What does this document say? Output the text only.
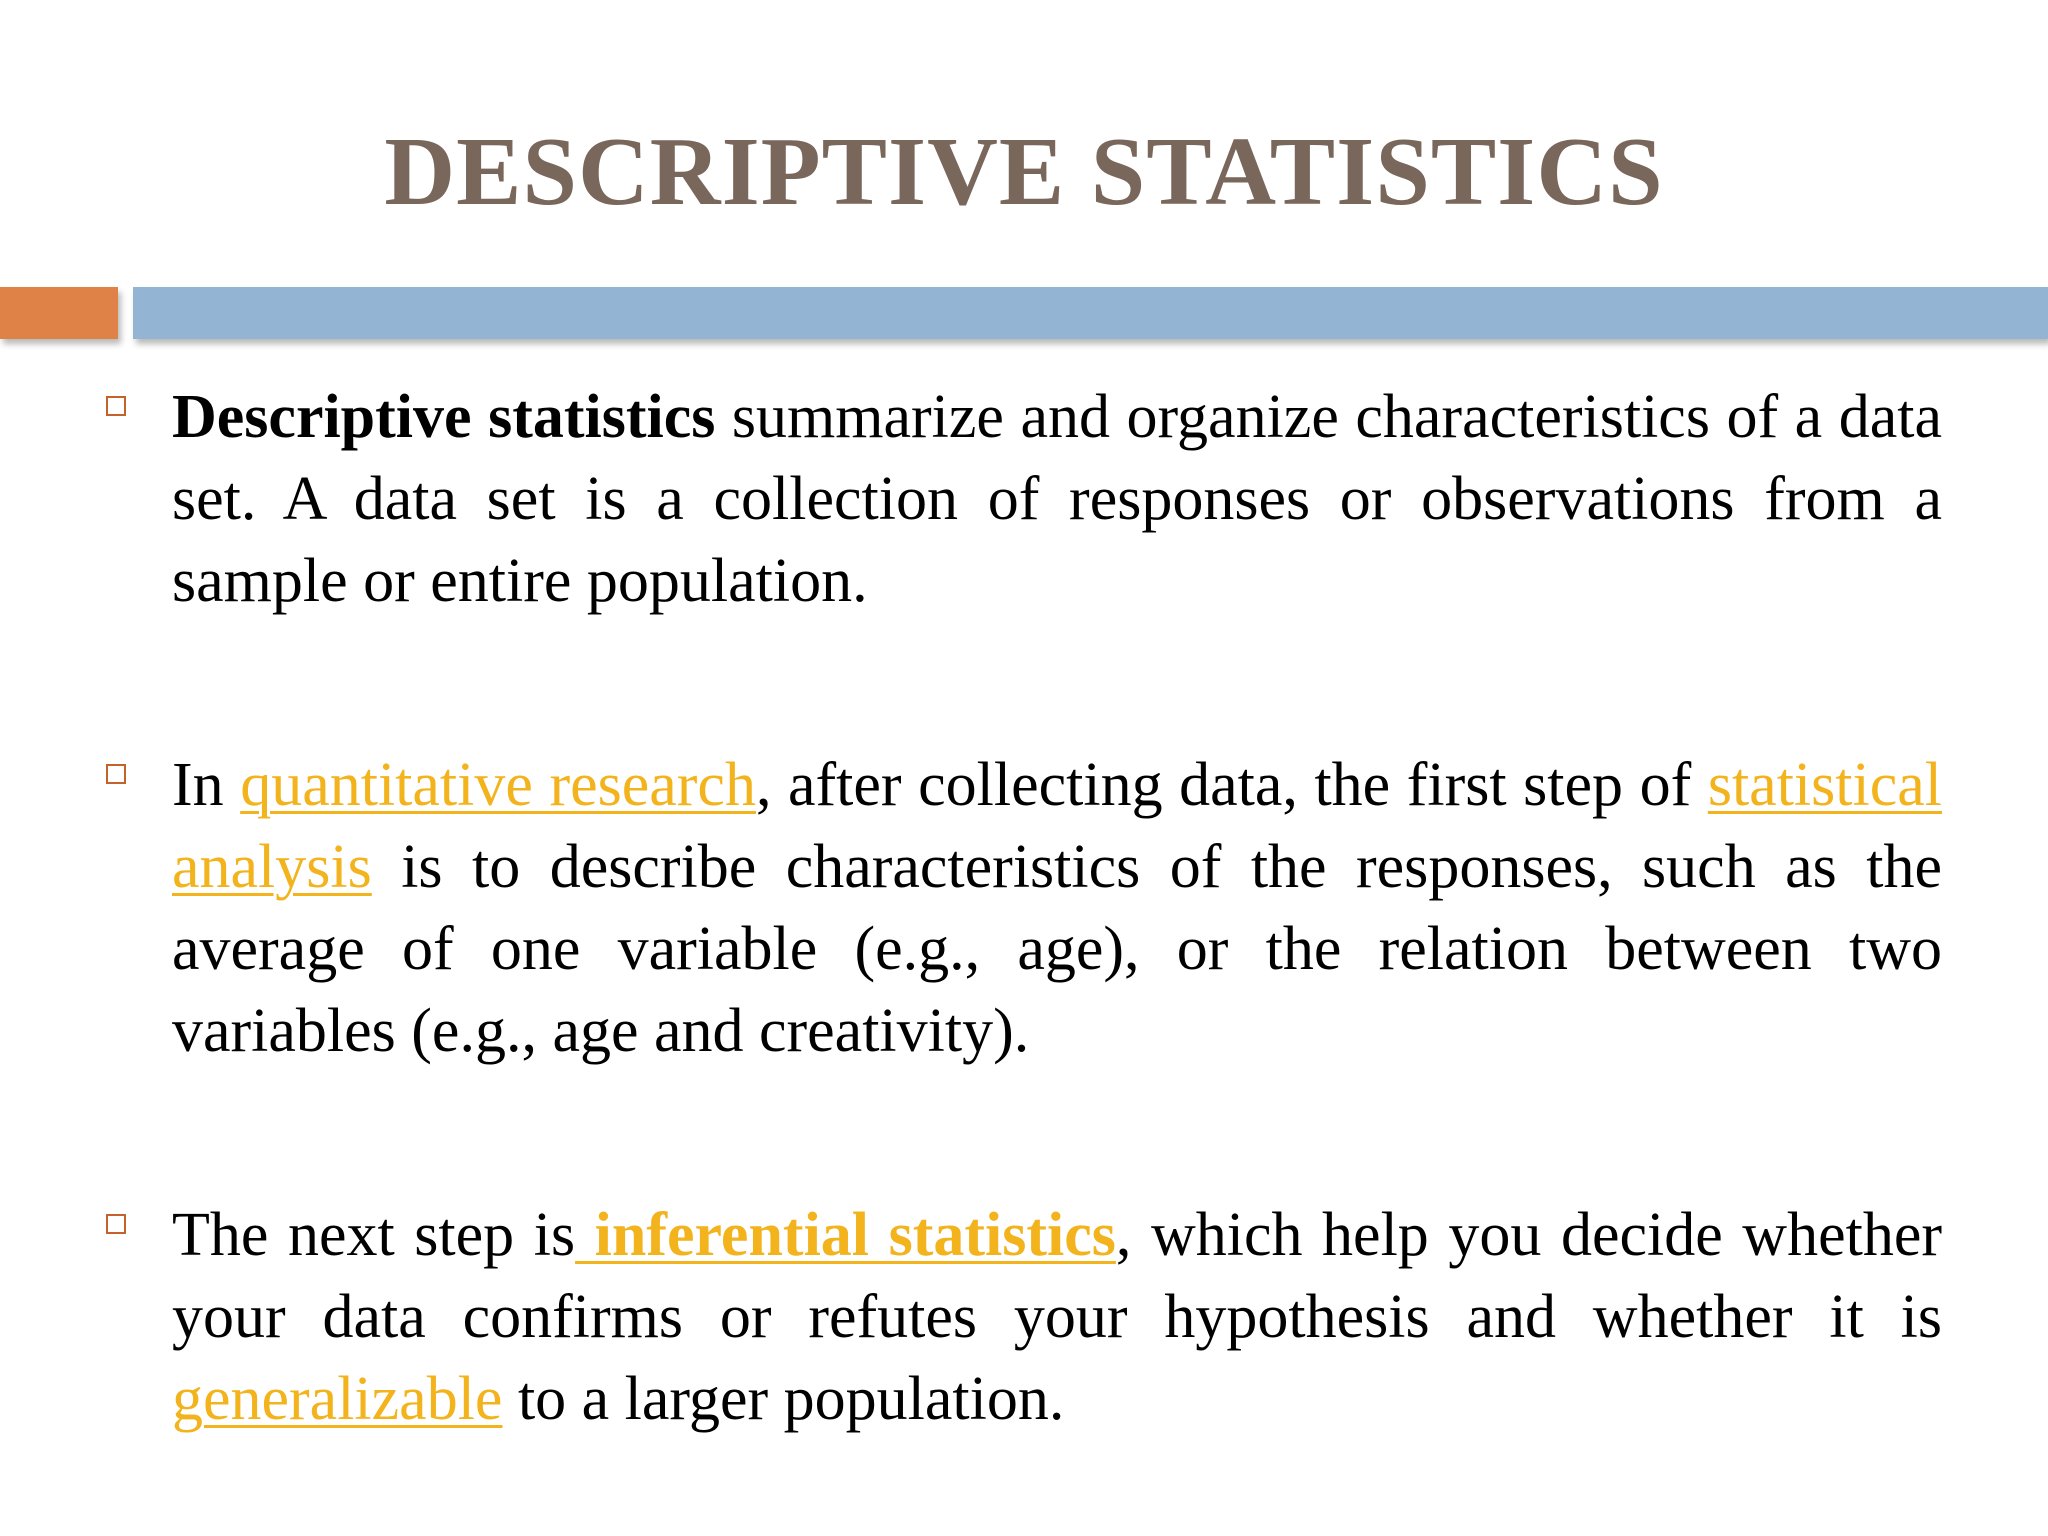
DESCRIPTIVE STATISTICS
Descriptive statistics summarize and organize characteristics of a data set. A data set is a collection of responses or observations from a sample or entire population.
In quantitative research, after collecting data, the first step of statistical analysis is to describe characteristics of the responses, such as the average of one variable (e.g., age), or the relation between two variables (e.g., age and creativity).
The next step is inferential statistics, which help you decide whether your data confirms or refutes your hypothesis and whether it is generalizable to a larger population.
